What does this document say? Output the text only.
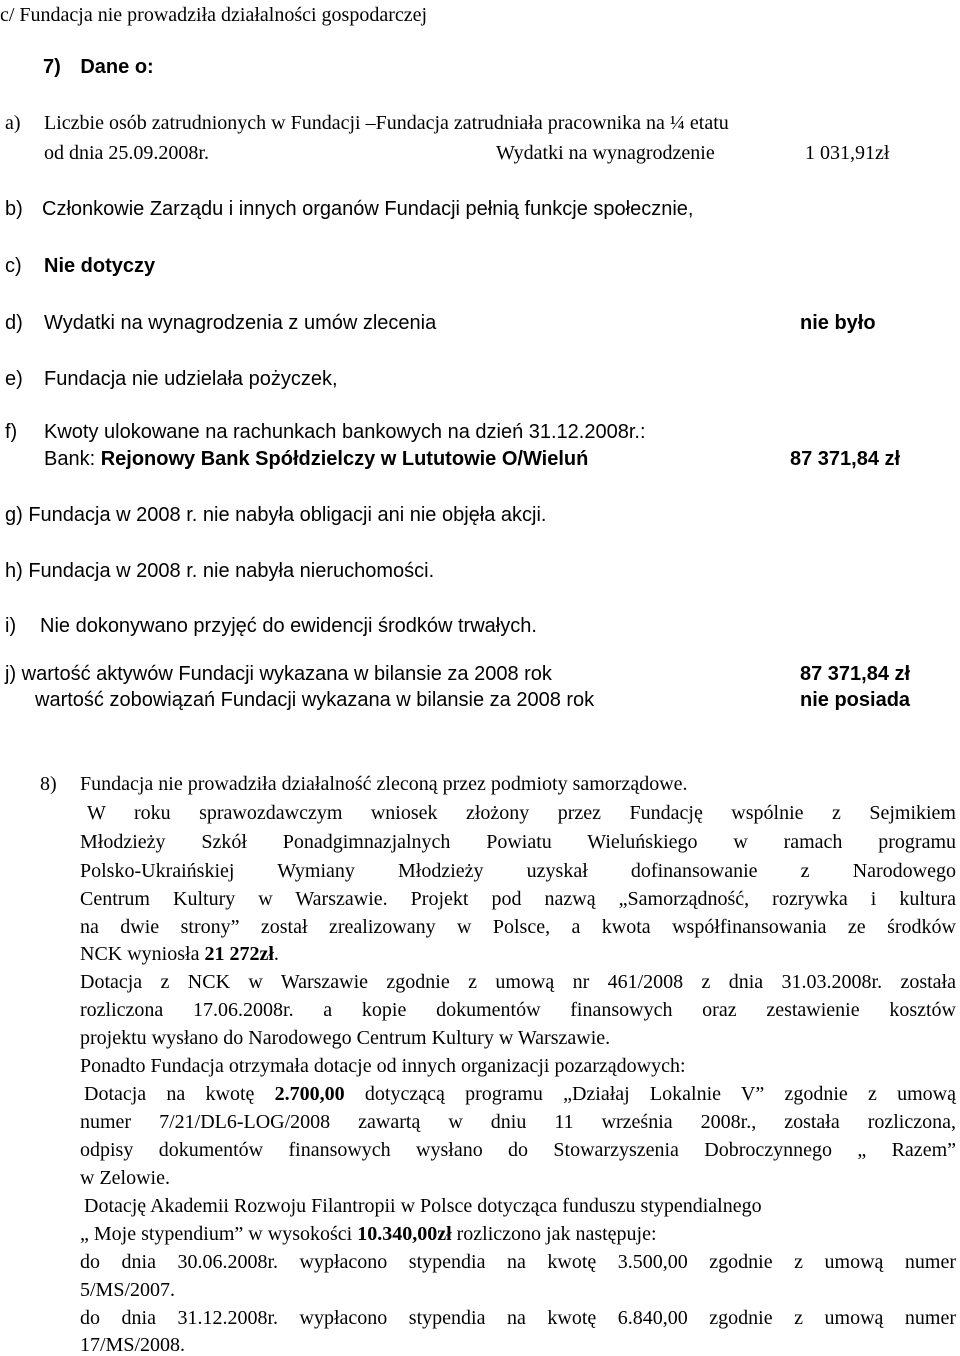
c/ Fundacja nie prowadziła działalności gospodarczej
7) Dane o:
a) Liczbie osób zatrudnionych w Fundacji –Fundacja zatrudniała pracownika na ¼ etatu
od dnia 25.09.2008r.	Wydatki na wynagrodzenie	1 031,91zł
b) Członkowie Zarządu i innych organów Fundacji pełnią funkcje społecznie,
c) Nie dotyczy
d) Wydatki na wynagrodzenia z umów zlecenia	nie było
e) Fundacja nie udzielała pożyczek,
f) Kwoty ulokowane na rachunkach bankowych na dzień 31.12.2008r.:
Bank: Rejonowy Bank Spółdzielczy w Lututowie O/Wieluń	87 371,84 zł
g) Fundacja w 2008 r. nie nabyła obligacji ani nie objęła akcji.
h) Fundacja w 2008 r. nie nabyła nieruchomości.
i) Nie dokonywano przyjęć do ewidencji środków trwałych.
j) wartość aktywów Fundacji wykazana w bilansie za 2008 rok	87 371,84 zł
wartość zobowiązań Fundacji wykazana w bilansie za 2008 rok	nie posiada
8) Fundacja nie prowadziła działalność zleconą przez podmioty samorządowe.
W roku sprawozdawczym wniosek złożony przez Fundację wspólnie z Sejmikiem
Młodzieży Szkół Ponadgimnazjalnych Powiatu Wieluńskiego w ramach programu
Polsko-Ukraińskiej Wymiany Młodzieży uzyskał dofinansowanie z Narodowego
Centrum Kultury w Warszawie. Projekt pod nazwą „Samorządność, rozrywka i kultura
na dwie strony” został zrealizowany w Polsce, a kwota współfinansowania ze środków
NCK wyniosła 21 272zł.
Dotacja z NCK w Warszawie zgodnie z umową nr 461/2008 z dnia 31.03.2008r. została
rozliczona 17.06.2008r. a kopie dokumentów finansowych oraz zestawienie kosztów
projektu wysłano do Narodowego Centrum Kultury w Warszawie.
Ponadto Fundacja otrzymała dotacje od innych organizacji pozarządowych:
Dotacja na kwotę 2.700,00 dotyczącą programu „Działaj Lokalnie V” zgodnie z umową
numer 7/21/DL6-LOG/2008 zawartą w dniu 11 września 2008r., została rozliczona,
odpisy dokumentów finansowych wysłano do Stowarzyszenia Dobroczynnego „ Razem”
w Zelowie.
Dotację Akademii Rozwoju Filantropii w Polsce dotycząca funduszu stypendialnego
„ Moje stypendium” w wysokości 10.340,00zł rozliczono jak następuje:
do dnia 30.06.2008r. wypłacono stypendia na kwotę 3.500,00 zgodnie z umową numer
5/MS/2007.
do dnia 31.12.2008r. wypłacono stypendia na kwotę 6.840,00 zgodnie z umową numer
17/MS/2008.
